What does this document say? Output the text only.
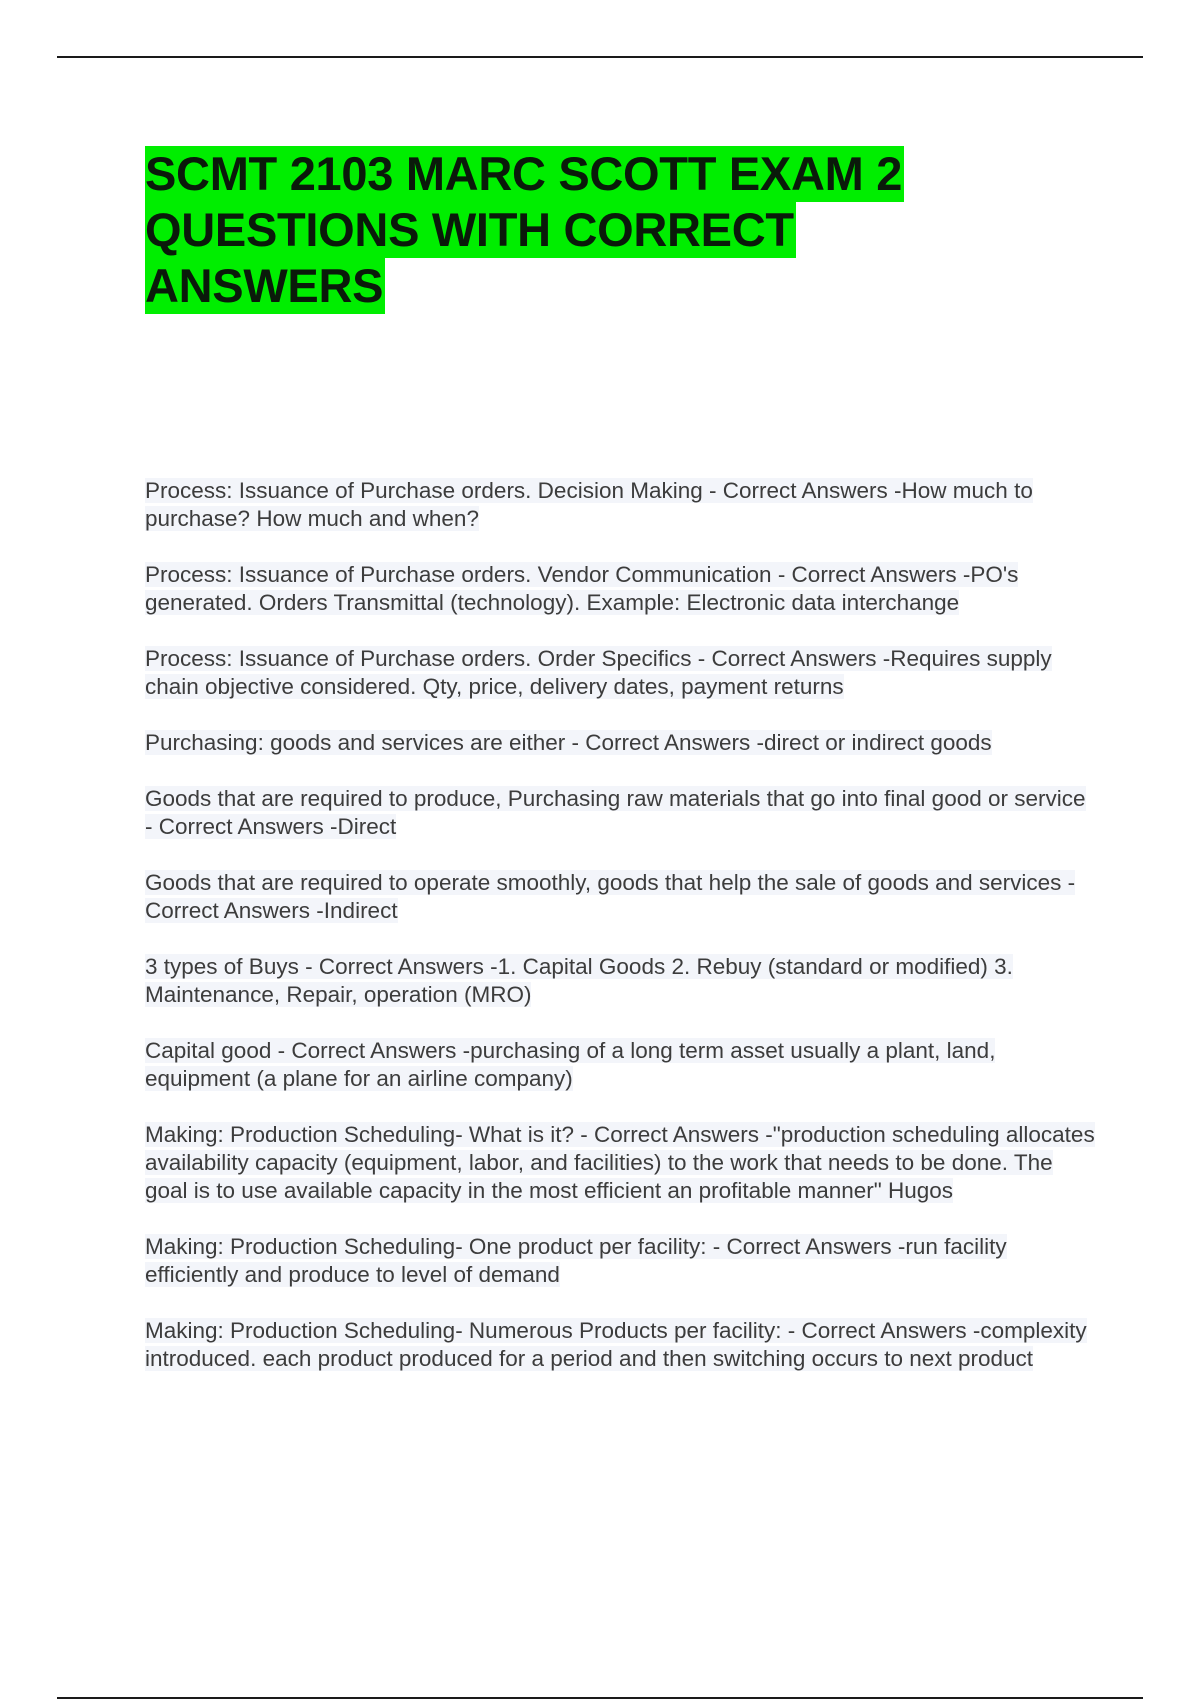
SCMT 2103 MARC SCOTT EXAM 2
QUESTIONS WITH CORRECT
ANSWERS

Process: Issuance of Purchase orders. Decision Making - Correct Answers -How much to purchase? How much and when?

Process: Issuance of Purchase orders. Vendor Communication - Correct Answers -PO's generated. Orders Transmittal (technology). Example: Electronic data interchange

Process: Issuance of Purchase orders. Order Specifics - Correct Answers -Requires supply chain objective considered. Qty, price, delivery dates, payment returns

Purchasing: goods and services are either - Correct Answers -direct or indirect goods

Goods that are required to produce, Purchasing raw materials that go into final good or service - Correct Answers -Direct

Goods that are required to operate smoothly, goods that help the sale of goods and services - Correct Answers -Indirect

3 types of Buys - Correct Answers -1. Capital Goods 2. Rebuy (standard or modified) 3. Maintenance, Repair, operation (MRO)

Capital good - Correct Answers -purchasing of a long term asset usually a plant, land, equipment (a plane for an airline company)

Making: Production Scheduling- What is it? - Correct Answers -"production scheduling allocates availability capacity (equipment, labor, and facilities) to the work that needs to be done. The goal is to use available capacity in the most efficient an profitable manner" Hugos

Making: Production Scheduling- One product per facility: - Correct Answers -run facility efficiently and produce to level of demand

Making: Production Scheduling- Numerous Products per facility: - Correct Answers -complexity introduced. each product produced for a period and then switching occurs to next product
